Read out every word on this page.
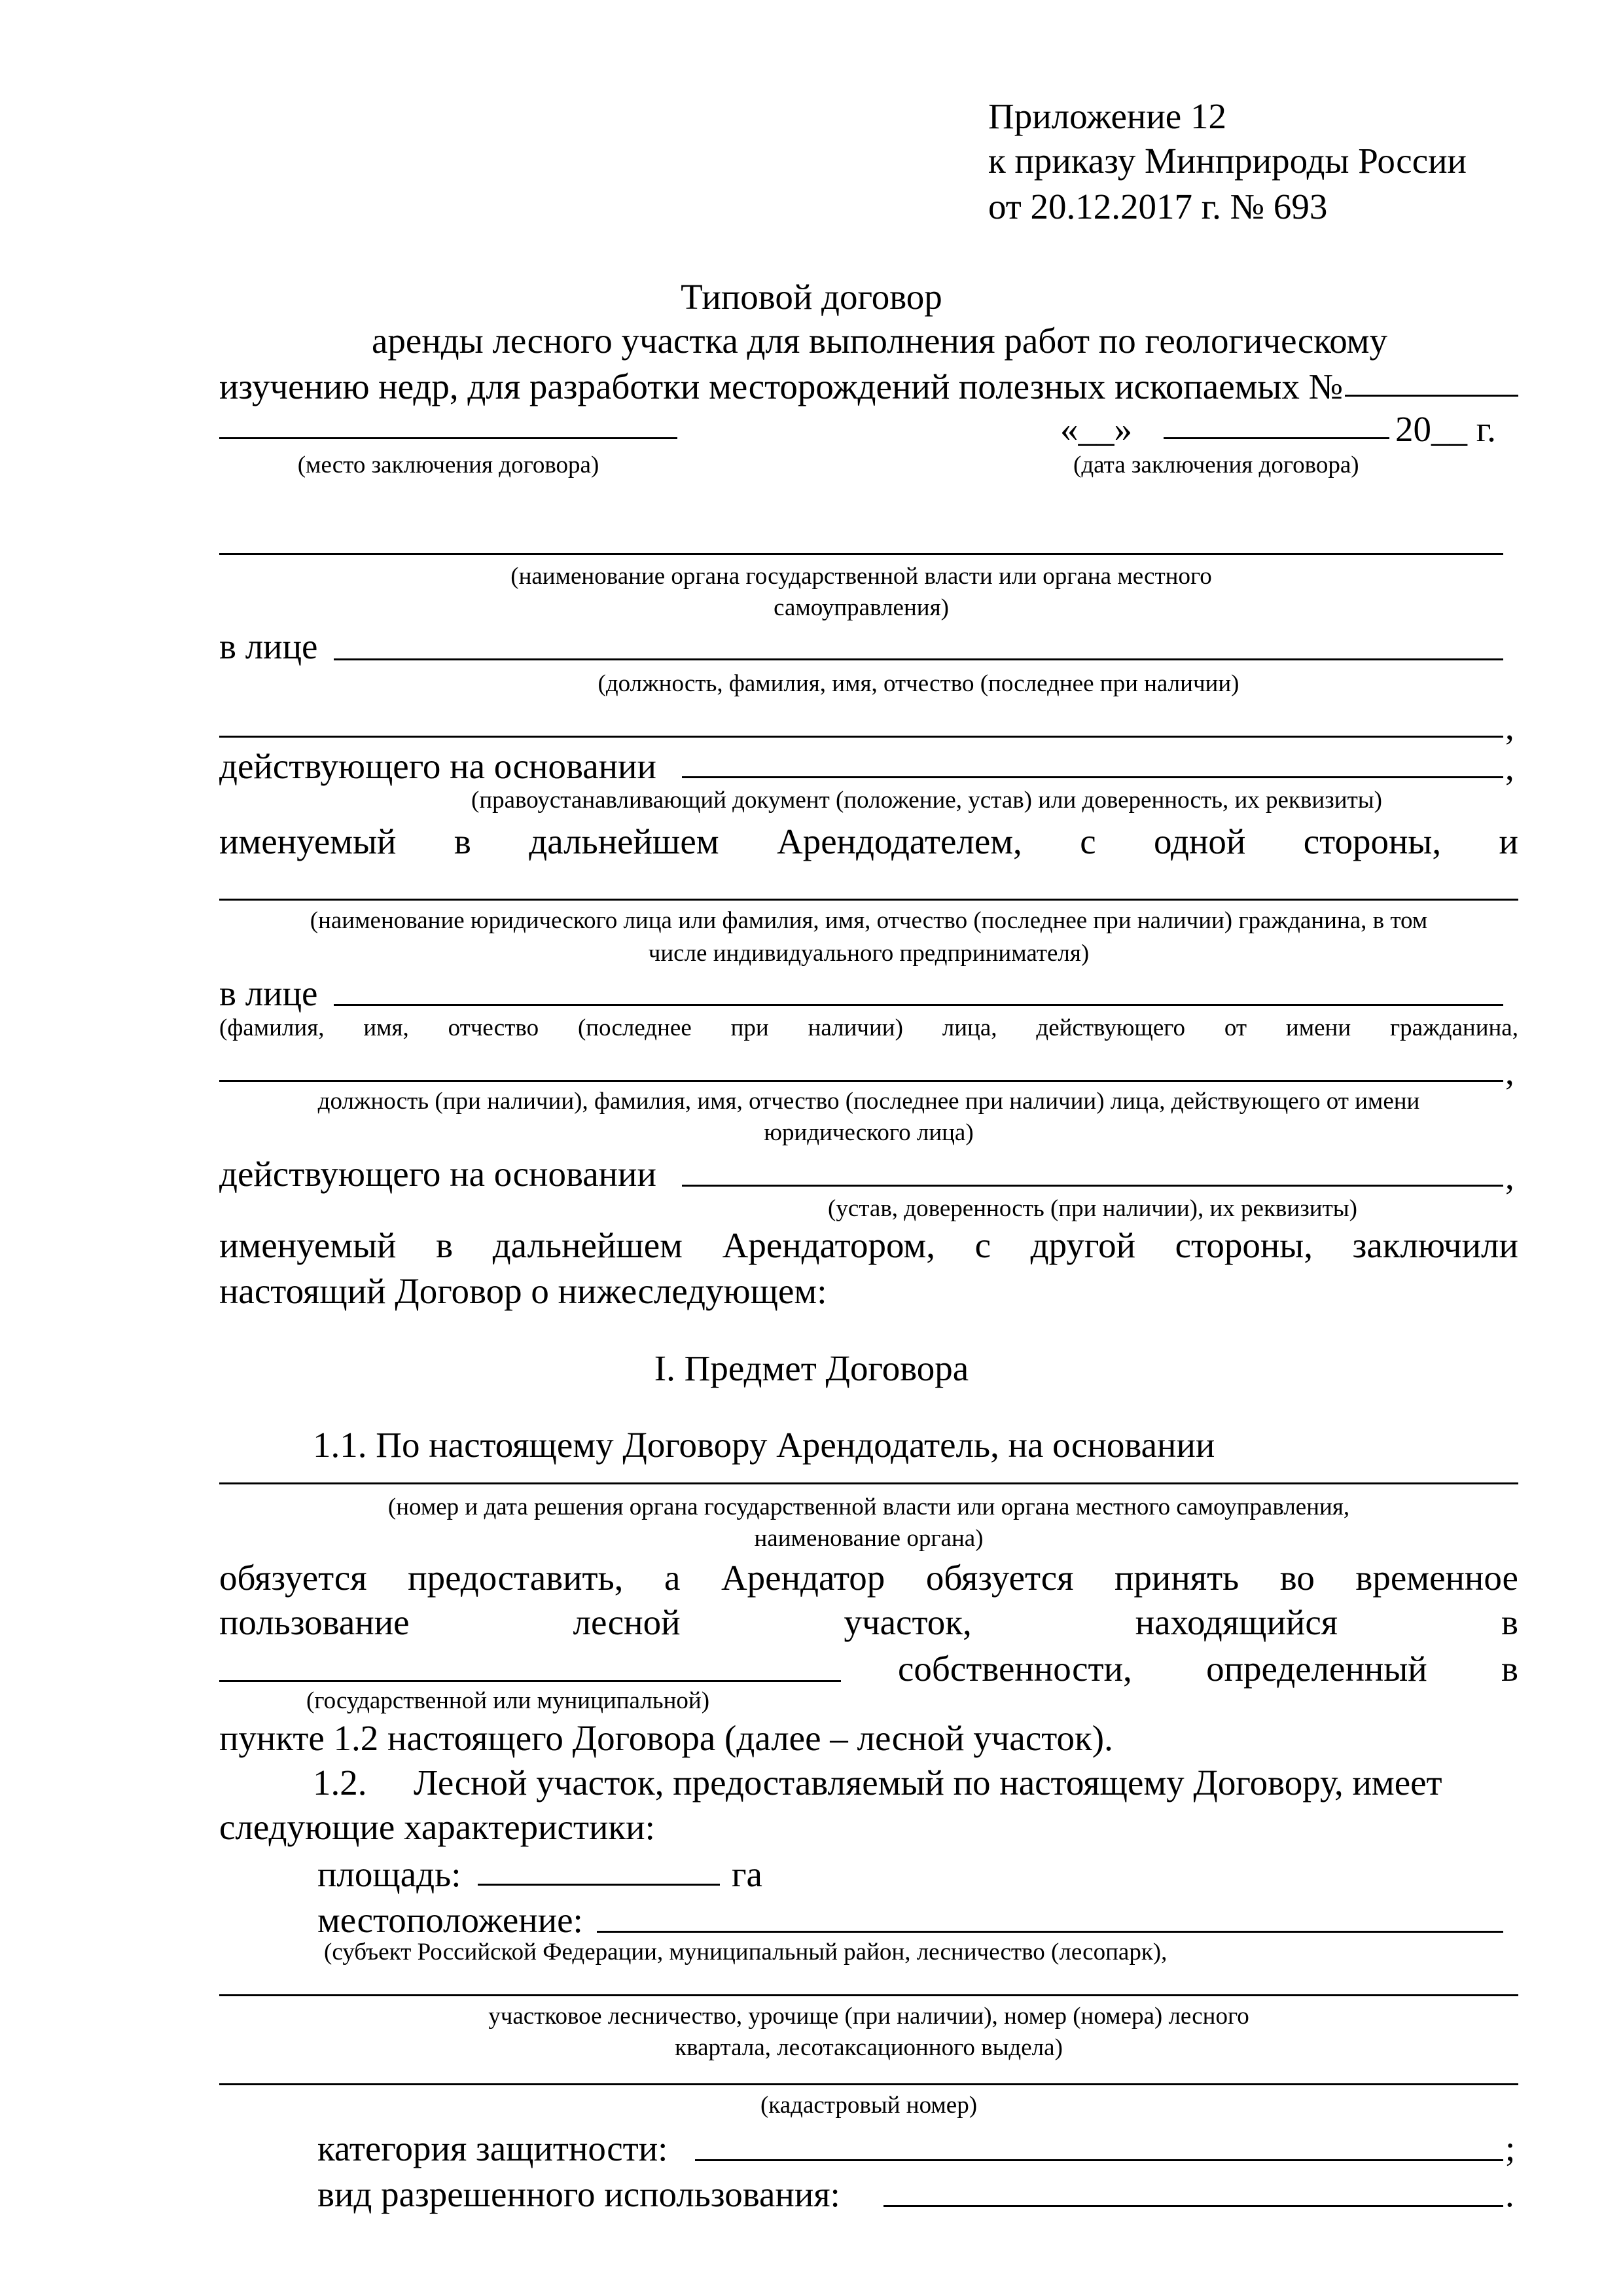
Приложение 12
к приказу Минприроды России
от 20.12.2017 г. № 693
Типовой договор
аренды лесного участка для выполнения работ по геологическому
изучению недр, для разработки месторождений полезных ископаемых №
«__»	20__ г.
(место заключения договора)	(дата заключения договора)
(наименование органа государственной власти или органа местного
самоуправления)
в лице
(должность, фамилия, имя, отчество (последнее при наличии)
,
действующего на основании	,
(правоустанавливающий документ (положение, устав) или доверенность, их реквизиты)
именуемый в дальнейшем Арендодателем, с одной стороны, и
(наименование юридического лица или фамилия, имя, отчество (последнее при наличии) гражданина, в том
числе индивидуального предпринимателя)
в лице
(фамилия, имя, отчество (последнее при наличии) лица, действующего от имени гражданина,
,
должность (при наличии), фамилия, имя, отчество (последнее при наличии) лица, действующего от имени
юридического лица)
действующего на основании	,
(устав, доверенность (при наличии), их реквизиты)
именуемый в дальнейшем Арендатором, с другой стороны, заключили
настоящий Договор о нижеследующем:
I. Предмет Договора
1.1. По настоящему Договору Арендодатель, на основании
(номер и дата решения органа государственной власти или органа местного самоуправления,
наименование органа)
обязуется предоставить, а Арендатор обязуется принять во временное
пользование	лесной	участок,	находящийся	в
собственности, определенный в
(государственной или муниципальной)
пункте 1.2 настоящего Договора (далее – лесной участок).
1.2. Лесной участок, предоставляемый по настоящему Договору, имеет
следующие характеристики:
площадь:	га
местоположение:
(субъект Российской Федерации, муниципальный район, лесничество (лесопарк),
участковое лесничество, урочище (при наличии), номер (номера) лесного
квартала, лесотаксационного выдела)
(кадастровый номер)
категория защитности:	;
вид разрешенного использования:	.
